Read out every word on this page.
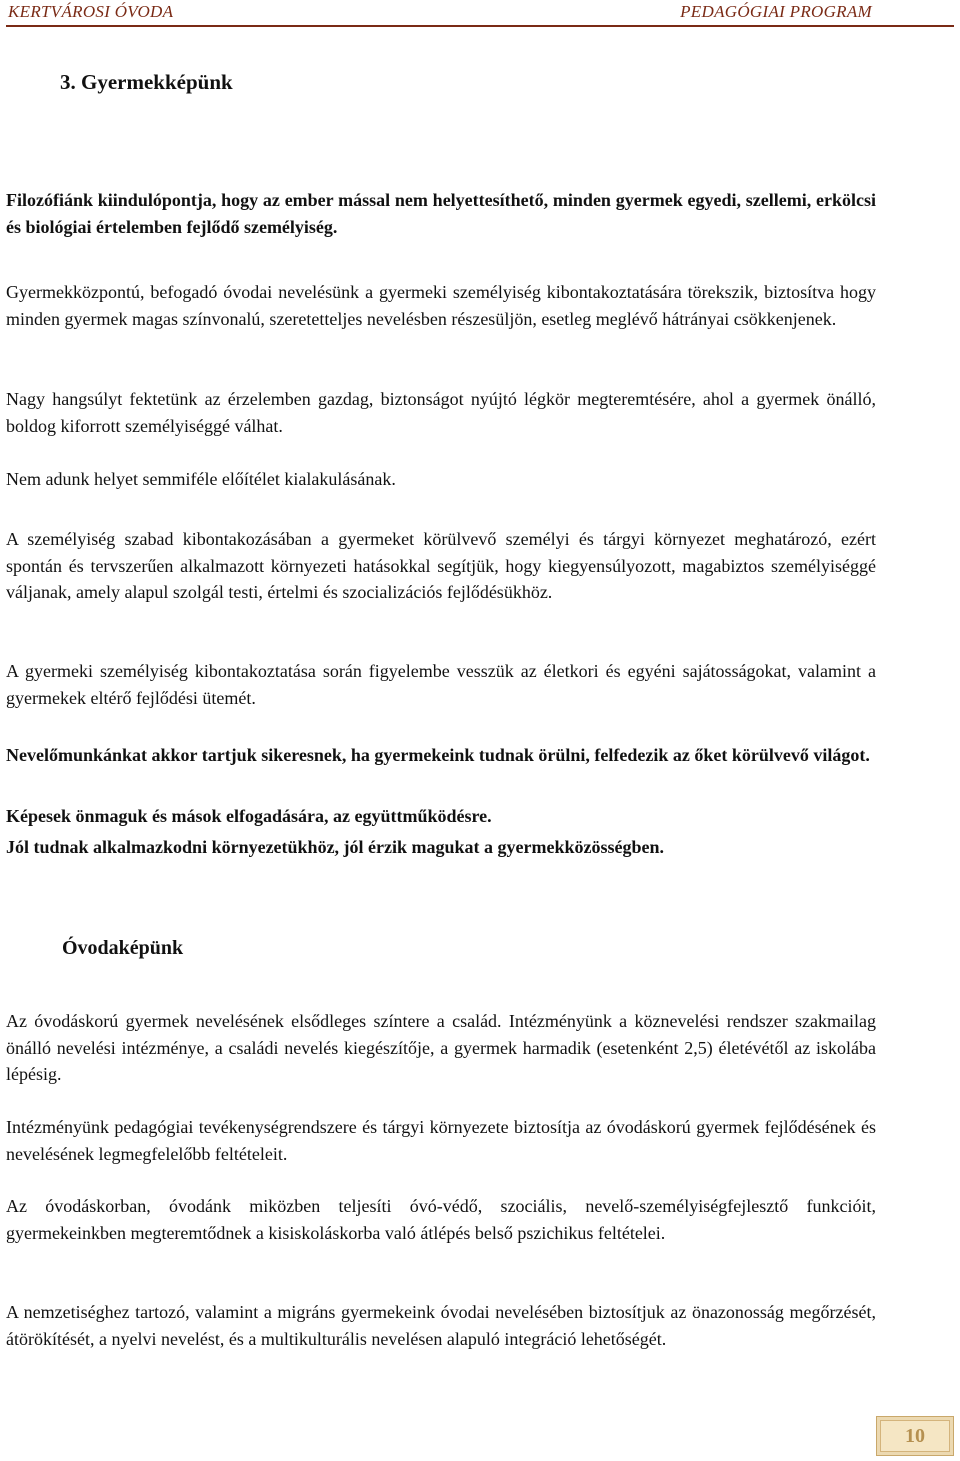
KERTVÁROSI ÓVODA	PEDAGÓGIAI PROGRAM
3. Gyermekképünk

Filozófiánk kiindulópontja, hogy az ember mással nem helyettesíthető, minden gyermek egyedi, szellemi, erkölcsi és biológiai értelemben fejlődő személyiség.

Gyermekközpontú, befogadó óvodai nevelésünk a gyermeki személyiség kibontakoztatására törekszik, biztosítva hogy minden gyermek magas színvonalú, szeretetteljes nevelésben részesüljön, esetleg meglévő hátrányai csökkenjenek.

Nagy hangsúlyt fektetünk az érzelemben gazdag, biztonságot nyújtó légkör megteremtésére, ahol a gyermek önálló, boldog kiforrott személyiséggé válhat.

Nem adunk helyet semmiféle előítélet kialakulásának.

A személyiség szabad kibontakozásában a gyermeket körülvevő személyi és tárgyi környezet meghatározó, ezért spontán és tervszerűen alkalmazott környezeti hatásokkal segítjük, hogy kiegyensúlyozott, magabiztos személyiséggé váljanak, amely alapul szolgál testi, értelmi és szocializációs fejlődésükhöz.

A gyermeki személyiség kibontakoztatása során figyelembe vesszük az életkori és egyéni sajátosságokat, valamint a gyermekek eltérő fejlődési ütemét.

Nevelőmunkánkat akkor tartjuk sikeresnek, ha gyermekeink tudnak örülni, felfedezik az őket körülvevő világot.

Képesek önmaguk és mások elfogadására, az együttműködésre.

Jól tudnak alkalmazkodni környezetükhöz, jól érzik magukat a gyermekközösségben.

Óvodaképünk

Az óvodáskorú gyermek nevelésének elsődleges színtere a család. Intézményünk a köznevelési rendszer szakmailag önálló nevelési intézménye, a családi nevelés kiegészítője, a gyermek harmadik (esetenként 2,5) életévétől az iskolába lépésig.

Intézményünk pedagógiai tevékenységrendszere és tárgyi környezete biztosítja az óvodáskorú gyermek fejlődésének és nevelésének legmegfelelőbb feltételeit.

Az óvodáskorban, óvodánk miközben teljesíti óvó-védő, szociális, nevelő-személyiségfejlesztő funkcióit, gyermekeinkben megteremtődnek a kisiskoláskorba való átlépés belső pszichikus feltételei.

A nemzetiséghez tartozó, valamint a migráns gyermekeink óvodai nevelésében biztosítjuk az önazonosság megőrzését, átörökítését, a nyelvi nevelést, és a multikulturális nevelésen alapuló integráció lehetőségét.

10
